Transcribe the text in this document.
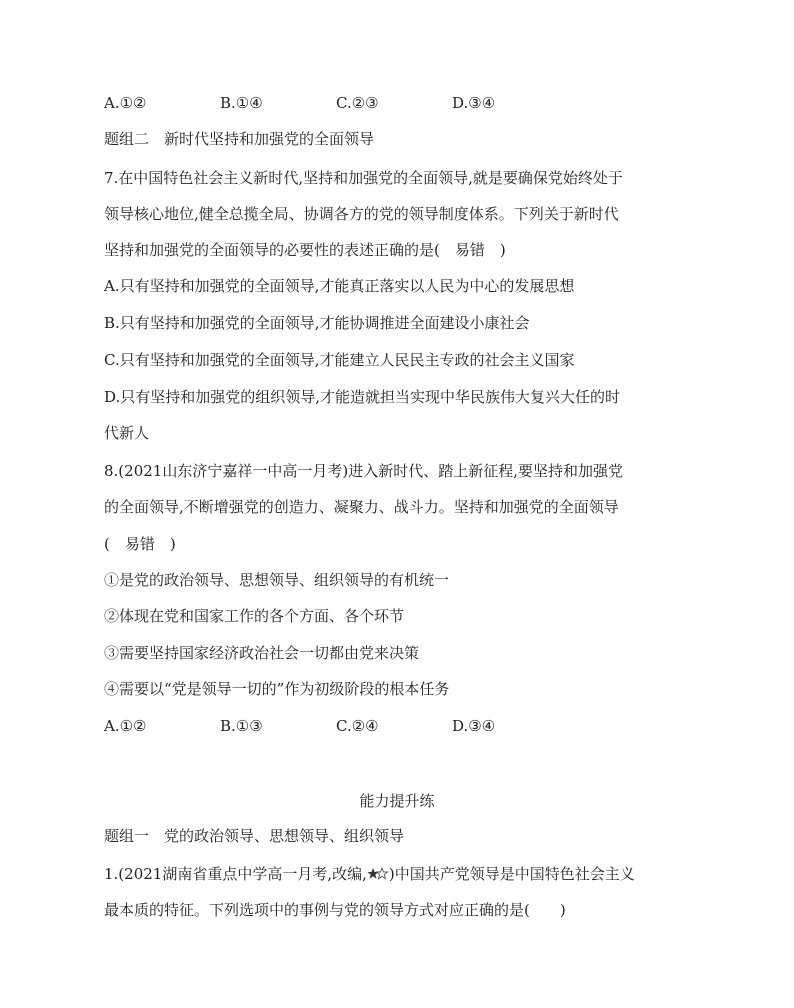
A.①②	B.①④	C.②③	D.③④
题组二　新时代坚持和加强党的全面领导
7.在中国特色社会主义新时代,坚持和加强党的全面领导,就是要确保党始终处于
领导核心地位,健全总揽全局、协调各方的党的领导制度体系。下列关于新时代
坚持和加强党的全面领导的必要性的表述正确的是(　易错　)
A.只有坚持和加强党的全面领导,才能真正落实以人民为中心的发展思想
B.只有坚持和加强党的全面领导,才能协调推进全面建设小康社会
C.只有坚持和加强党的全面领导,才能建立人民民主专政的社会主义国家
D.只有坚持和加强党的组织领导,才能造就担当实现中华民族伟大复兴大任的时
代新人
8.(2021山东济宁嘉祥一中高一月考)进入新时代、踏上新征程,要坚持和加强党
的全面领导,不断增强党的创造力、凝聚力、战斗力。坚持和加强党的全面领导
(　易错　)
①是党的政治领导、思想领导、组织领导的有机统一
②体现在党和国家工作的各个方面、各个环节
③需要坚持国家经济政治社会一切都由党来决策
④需要以“党是领导一切的”作为初级阶段的根本任务
A.①②	B.①③	C.②④	D.③④
能力提升练
题组一　党的政治领导、思想领导、组织领导
1.(2021湖南省重点中学高一月考,改编, )中国共产党领导是中国特色社会主义
最本质的特征。下列选项中的事例与党的领导方式对应正确的是(　　)
